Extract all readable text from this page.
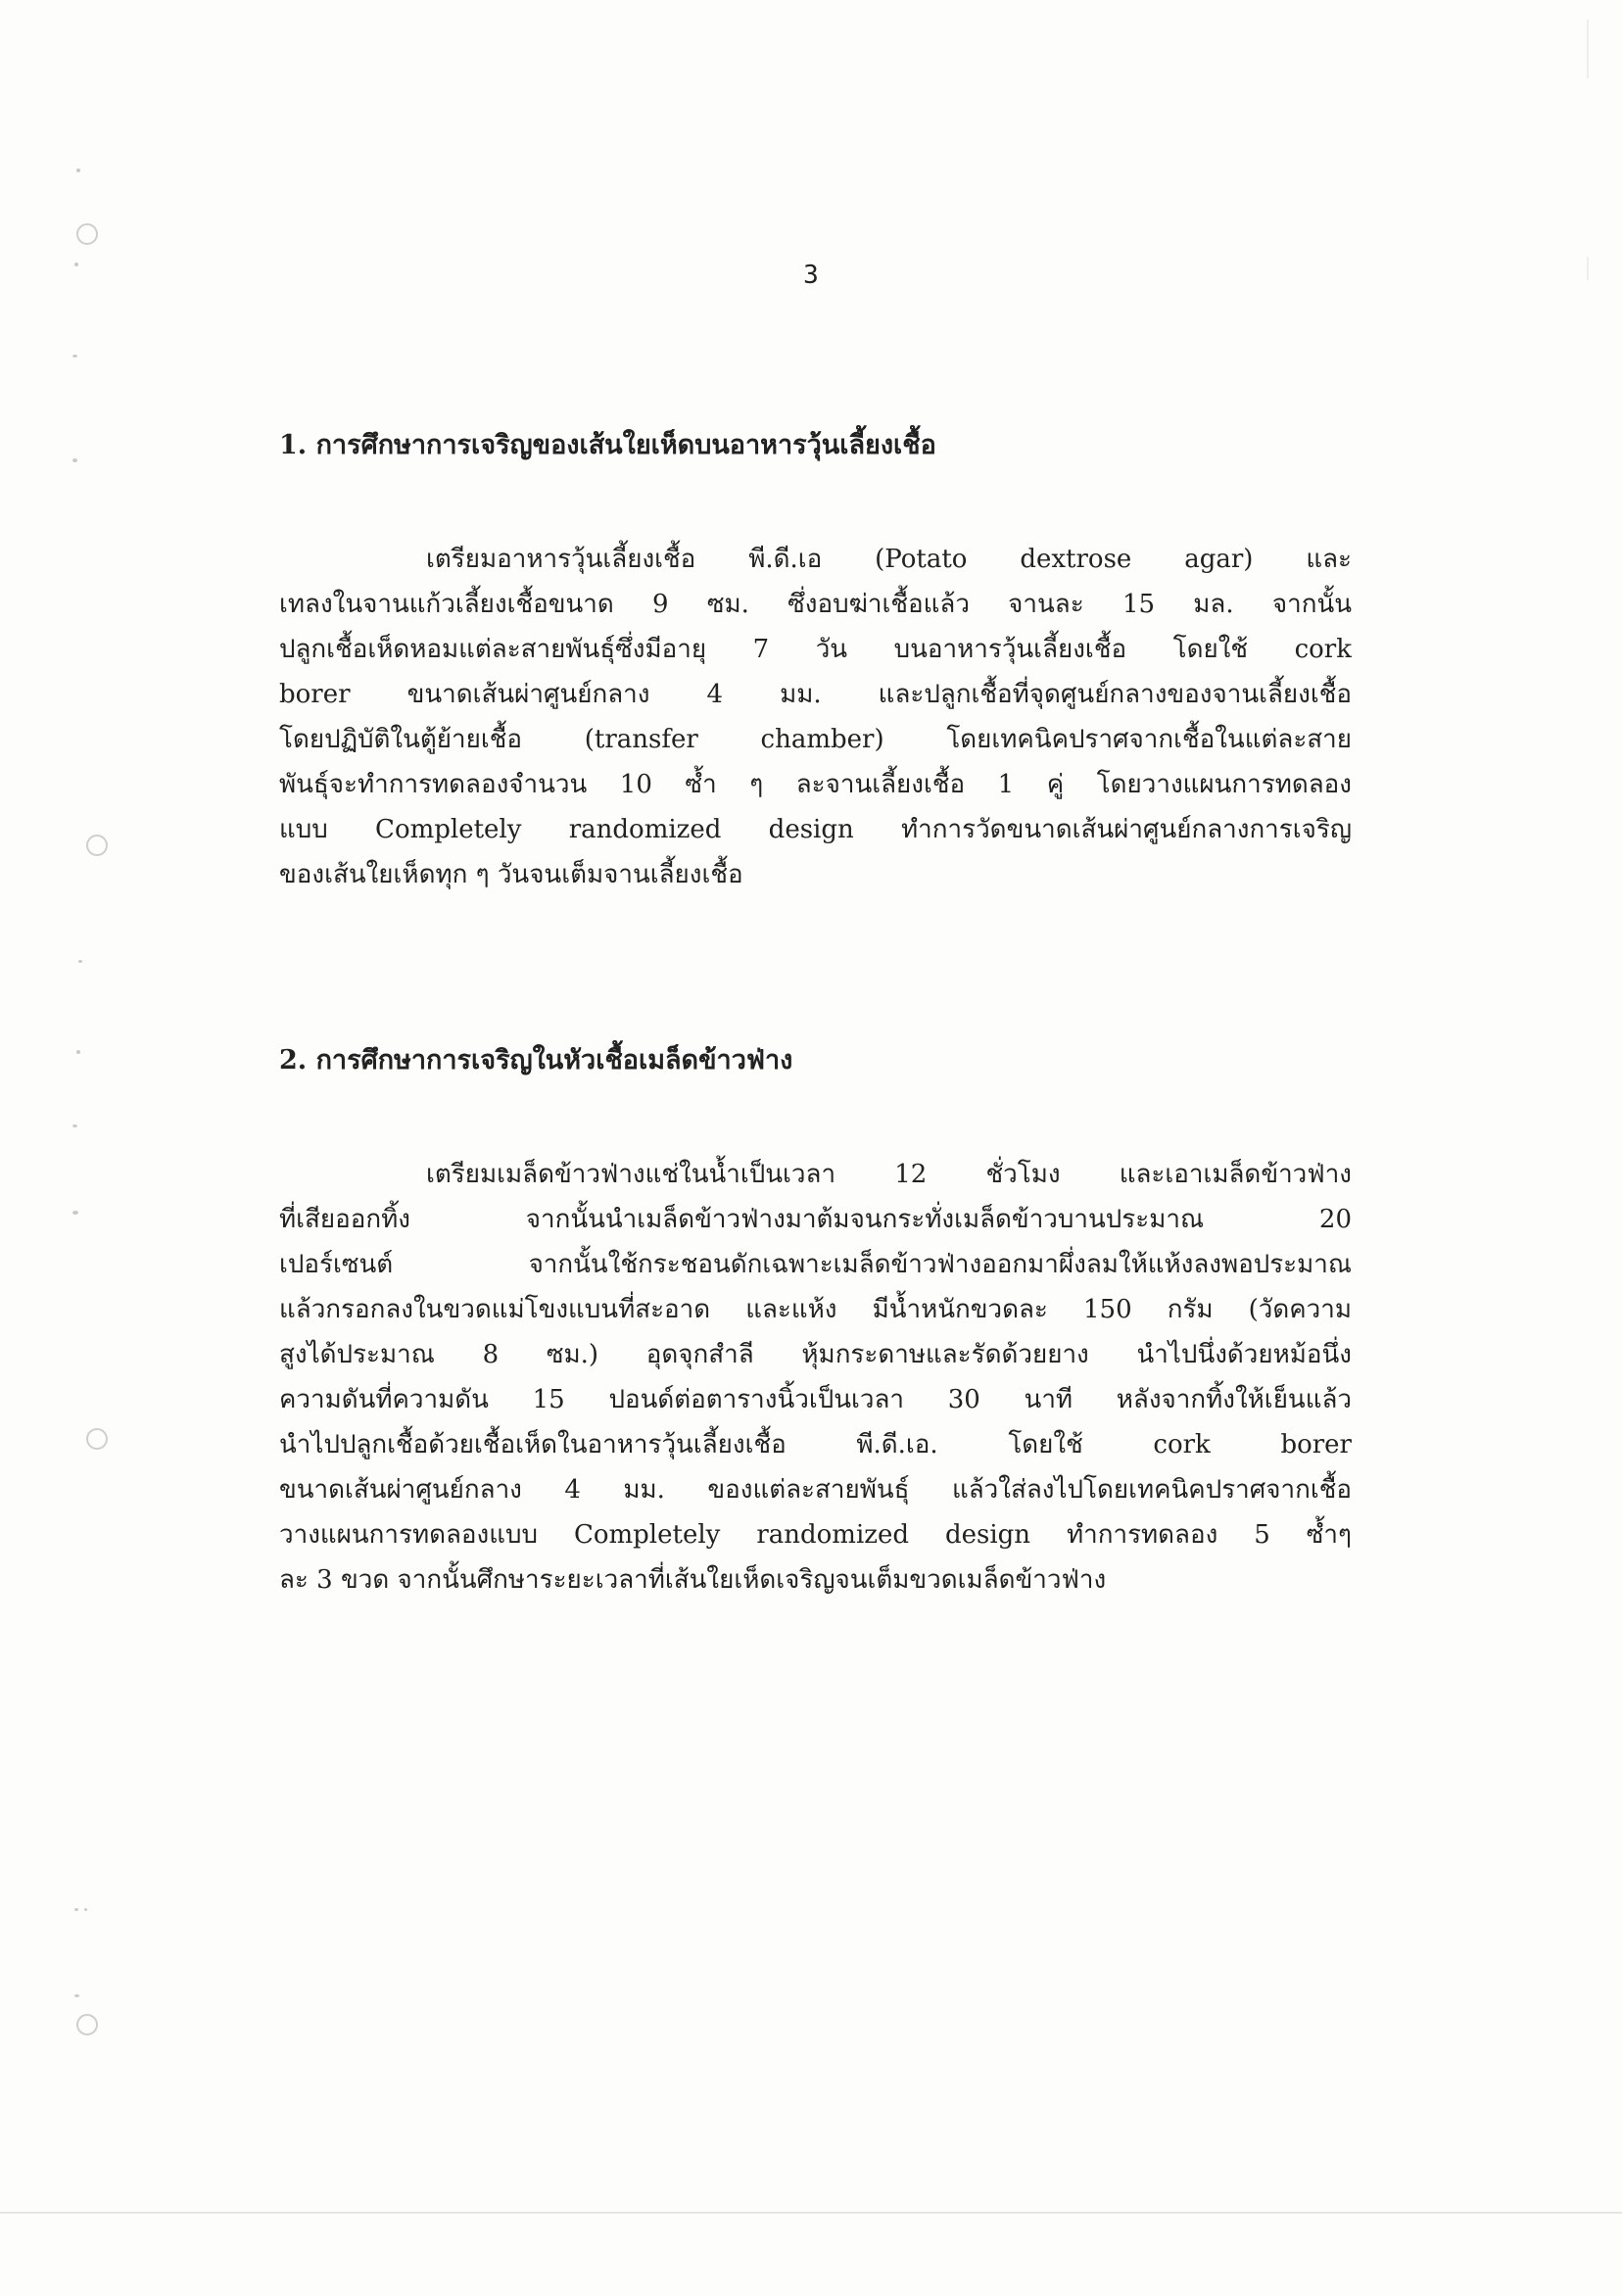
3
1. การศึกษาการเจริญของเส้นใยเห็ดบนอาหารวุ้นเลี้ยงเชื้อ
เตรียมอาหารวุ้นเลี้ยงเชื้อ พี.ดี.เอ (Potato dextrose agar) และ
เทลงในจานแก้วเลี้ยงเชื้อขนาด 9 ซม. ซึ่งอบฆ่าเชื้อแล้ว จานละ 15 มล. จากนั้น
ปลูกเชื้อเห็ดหอมแต่ละสายพันธุ์ซึ่งมีอายุ 7 วัน บนอาหารวุ้นเลี้ยงเชื้อ โดยใช้ cork
borer ขนาดเส้นผ่าศูนย์กลาง 4 มม. และปลูกเชื้อที่จุดศูนย์กลางของจานเลี้ยงเชื้อ
โดยปฏิบัติในตู้ย้ายเชื้อ (transfer chamber) โดยเทคนิคปราศจากเชื้อในแต่ละสาย
พันธุ์จะทำการทดลองจำนวน 10 ซ้ำ ๆ ละจานเลี้ยงเชื้อ 1 คู่ โดยวางแผนการทดลอง
แบบ Completely randomized design ทำการวัดขนาดเส้นผ่าศูนย์กลางการเจริญ
ของเส้นใยเห็ดทุก ๆ วันจนเต็มจานเลี้ยงเชื้อ
2. การศึกษาการเจริญในหัวเชื้อเมล็ดข้าวฟ่าง
เตรียมเมล็ดข้าวฟ่างแช่ในน้ำเป็นเวลา 12 ชั่วโมง และเอาเมล็ดข้าวฟ่าง
ที่เสียออกทิ้ง จากนั้นนำเมล็ดข้าวฟ่างมาต้มจนกระทั่งเมล็ดข้าวบานประมาณ 20
เปอร์เซนต์ จากนั้นใช้กระชอนดักเฉพาะเมล็ดข้าวฟ่างออกมาผึ่งลมให้แห้งลงพอประมาณ
แล้วกรอกลงในขวดแม่โขงแบนที่สะอาด และแห้ง มีน้ำหนักขวดละ 150 กรัม (วัดความ
สูงได้ประมาณ 8 ซม.) อุดจุกสำลี หุ้มกระดาษและรัดด้วยยาง นำไปนึ่งด้วยหม้อนึ่ง
ความดันที่ความดัน 15 ปอนด์ต่อตารางนิ้วเป็นเวลา 30 นาที หลังจากทิ้งให้เย็นแล้ว
นำไปปลูกเชื้อด้วยเชื้อเห็ดในอาหารวุ้นเลี้ยงเชื้อ พี.ดี.เอ. โดยใช้ cork borer
ขนาดเส้นผ่าศูนย์กลาง 4 มม. ของแต่ละสายพันธุ์ แล้วใส่ลงไปโดยเทคนิคปราศจากเชื้อ
วางแผนการทดลองแบบ Completely randomized design ทำการทดลอง 5 ซ้ำๆ
ละ 3 ขวด จากนั้นศึกษาระยะเวลาที่เส้นใยเห็ดเจริญจนเต็มขวดเมล็ดข้าวฟ่าง
